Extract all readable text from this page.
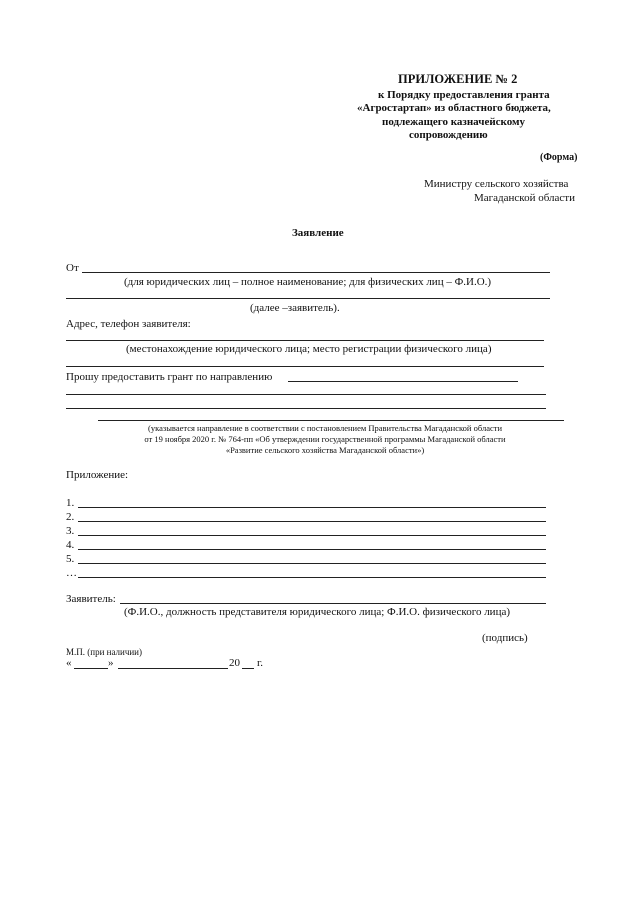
ПРИЛОЖЕНИЕ № 2
к Порядку предоставления гранта
«Агростартап» из областного бюджета,
подлежащего казначейскому
сопровождению
(Форма)
Министру сельского хозяйства
Магаданской области
Заявление
От
(для юридических лиц – полное наименование; для физических лиц – Ф.И.О.)
(далее –заявитель).
Адрес, телефон заявителя:
(местонахождение юридического лица; место регистрации физического лица)
Прошу предоставить грант по направлению
(указывается направление в соответствии с постановлением Правительства Магаданской области
от 19 ноября 2020 г. № 764-пп «Об утверждении государственной программы Магаданской области
«Развитие сельского хозяйства Магаданской области»)
Приложение:
1.
2.
3.
4.
5.
…
Заявитель:
(Ф.И.О., должность представителя юридического лица; Ф.И.О. физического лица)
(подпись)
М.П. (при наличии)
«	»	20 г.
